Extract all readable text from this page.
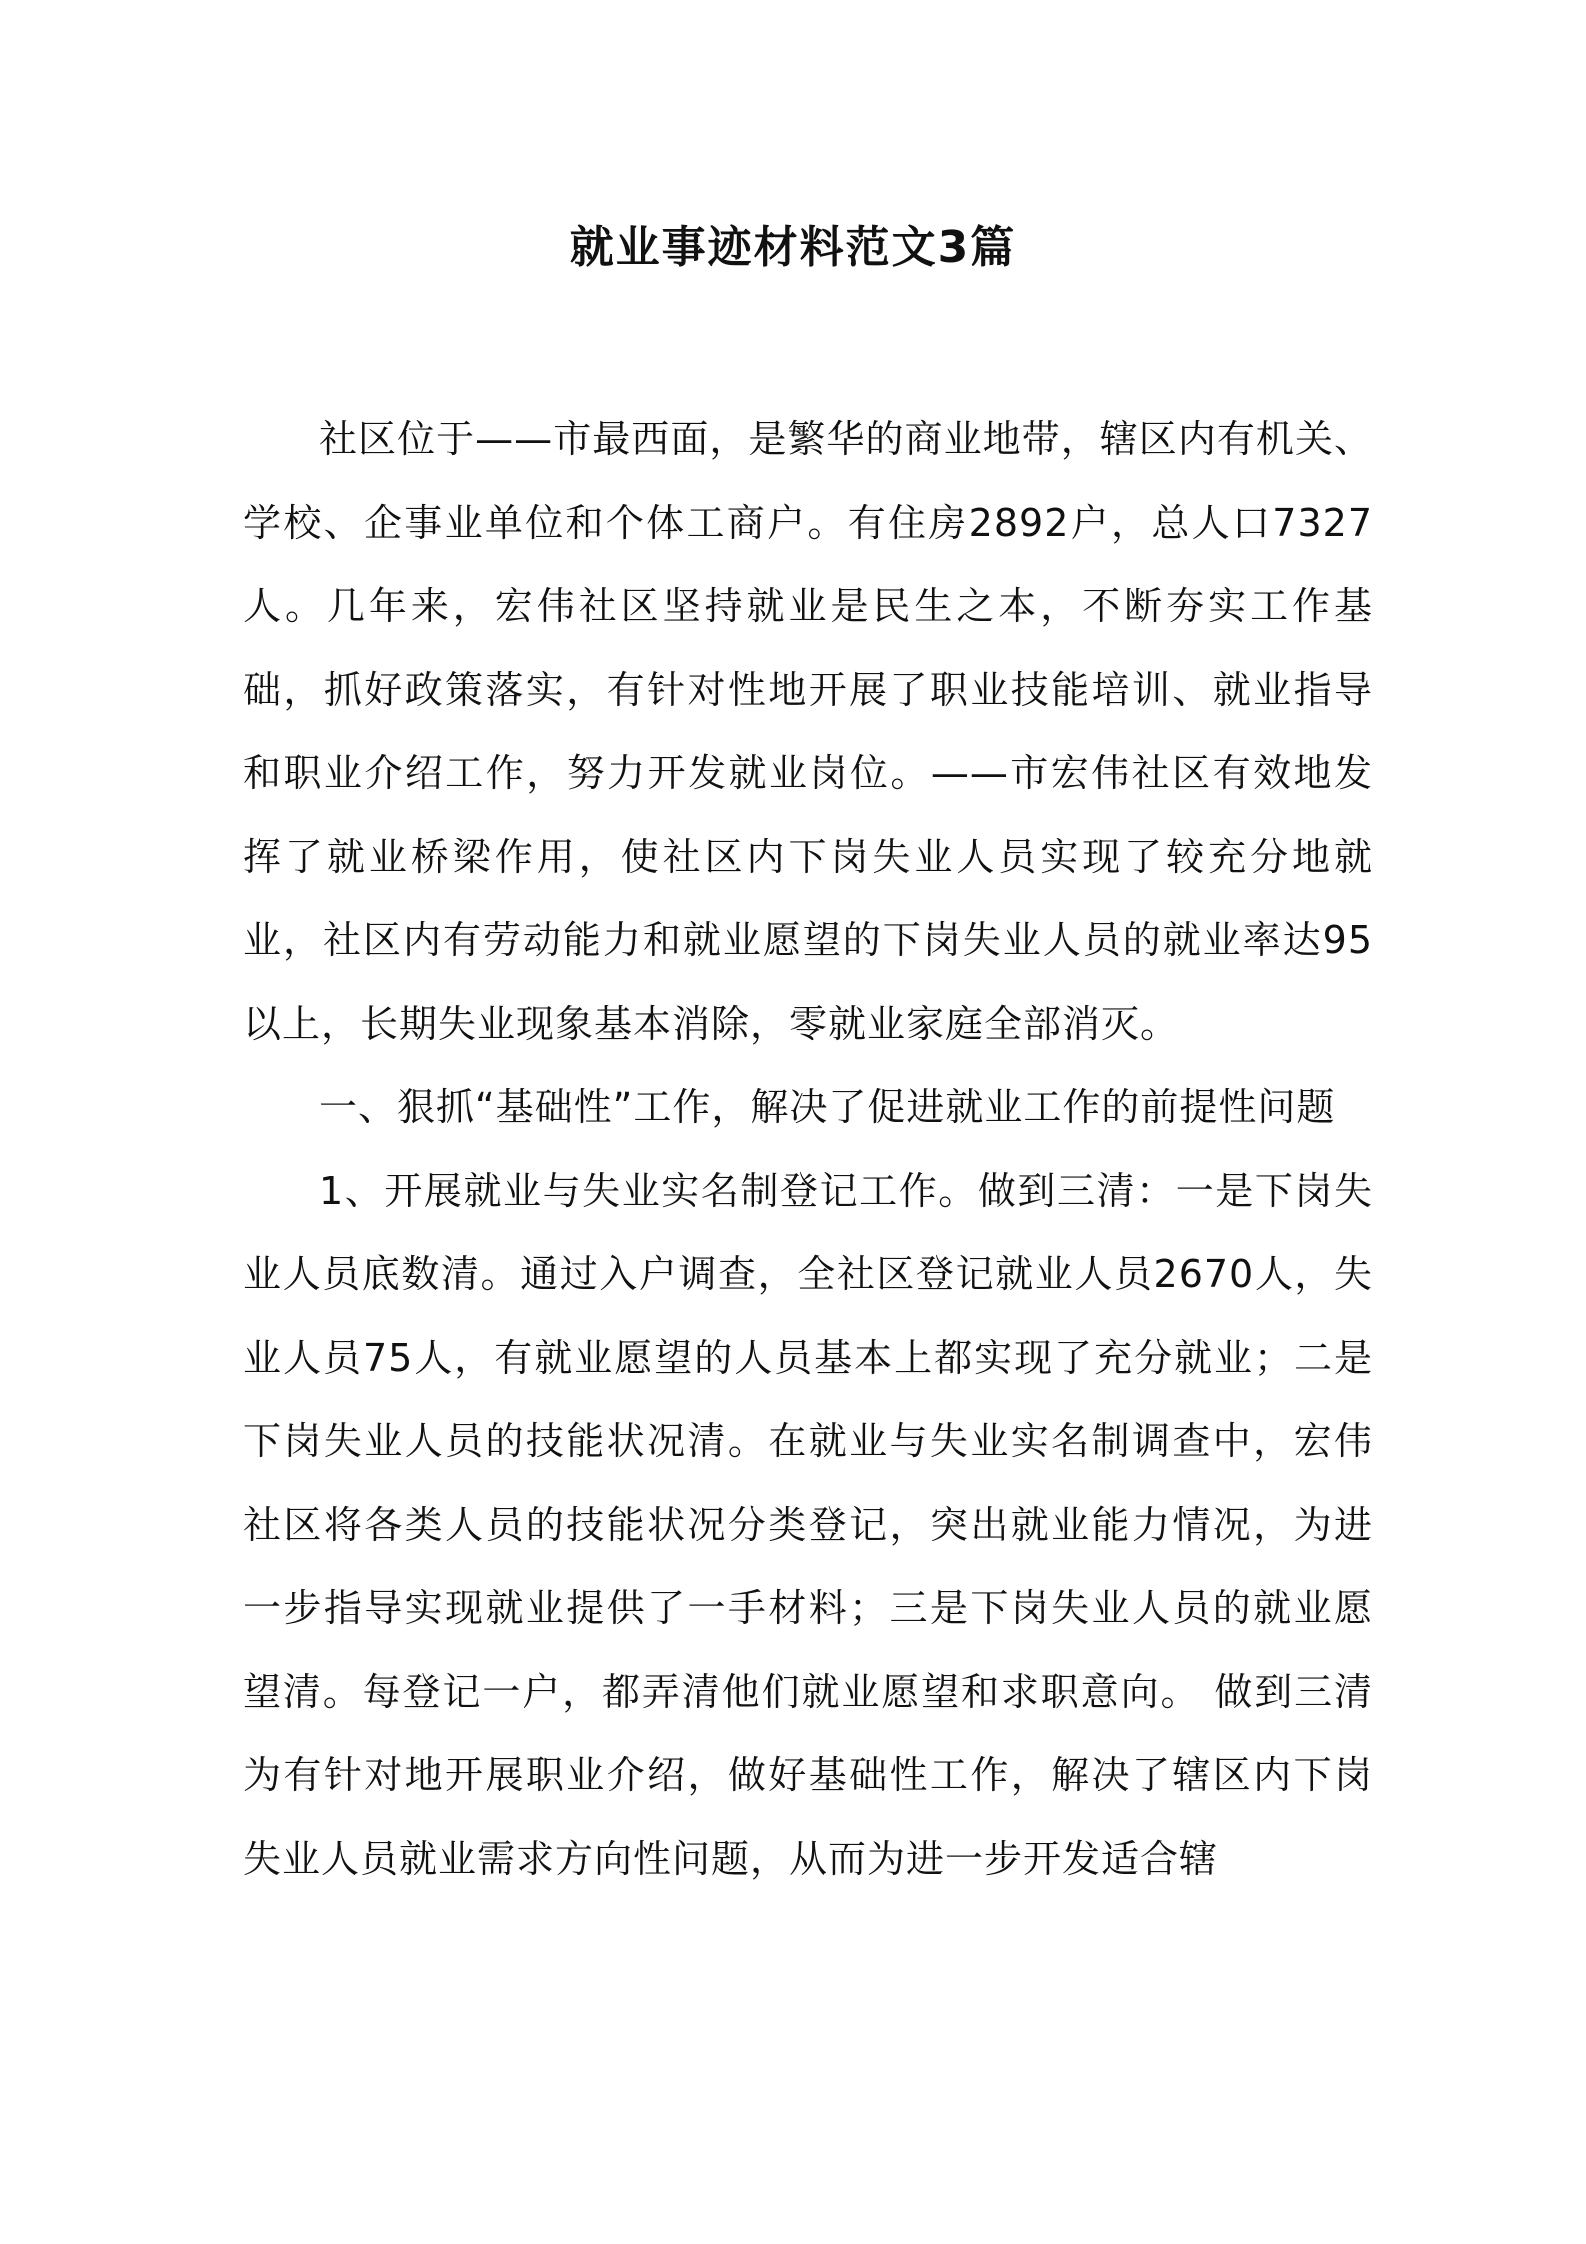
就业事迹材料范文3篇

社区位于——市最西面，是繁华的商业地带，辖区内有机关、学校、企事业单位和个体工商户。有住房2892户，总人口7327人。几年来，宏伟社区坚持就业是民生之本，不断夯实工作基础，抓好政策落实，有针对性地开展了职业技能培训、就业指导和职业介绍工作，努力开发就业岗位。——市宏伟社区有效地发挥了就业桥梁作用，使社区内下岗失业人员实现了较充分地就业，社区内有劳动能力和就业愿望的下岗失业人员的就业率达95以上，长期失业现象基本消除，零就业家庭全部消灭。

一、狠抓“基础性”工作，解决了促进就业工作的前提性问题

1、开展就业与失业实名制登记工作。做到三清：一是下岗失业人员底数清。通过入户调查，全社区登记就业人员2670人，失业人员75人，有就业愿望的人员基本上都实现了充分就业；二是下岗失业人员的技能状况清。在就业与失业实名制调查中，宏伟社区将各类人员的技能状况分类登记，突出就业能力情况，为进一步指导实现就业提供了一手材料；三是下岗失业人员的就业愿望清。每登记一户，都弄清他们就业愿望和求职意向。 做到三清为有针对地开展职业介绍，做好基础性工作，解决了辖区内下岗失业人员就业需求方向性问题，从而为进一步开发适合辖
